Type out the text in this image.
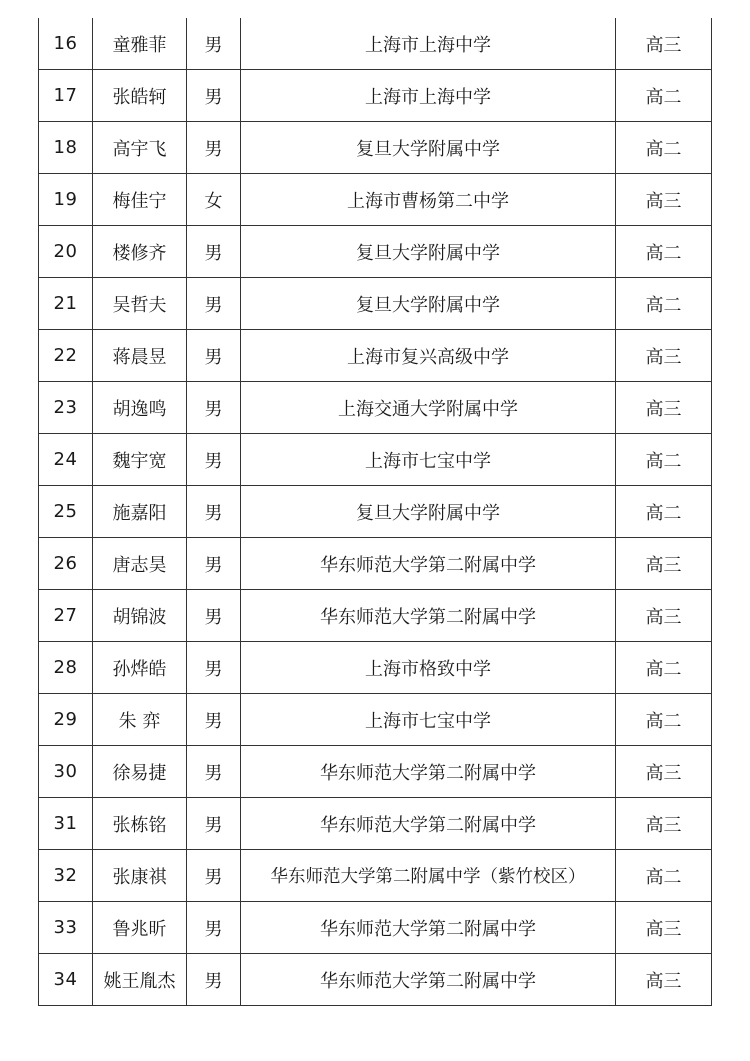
16	童雅菲	男	上海市上海中学	高三
17	张皓轲	男	上海市上海中学	高二
18	高宇飞	男	复旦大学附属中学	高二
19	梅佳宁	女	上海市曹杨第二中学	高三
20	楼修齐	男	复旦大学附属中学	高二
21	吴哲夫	男	复旦大学附属中学	高二
22	蒋晨昱	男	上海市复兴高级中学	高三
23	胡逸鸣	男	上海交通大学附属中学	高三
24	魏宇宽	男	上海市七宝中学	高二
25	施嘉阳	男	复旦大学附属中学	高二
26	唐志昊	男	华东师范大学第二附属中学	高三
27	胡锦波	男	华东师范大学第二附属中学	高三
28	孙烨皓	男	上海市格致中学	高二
29	朱 弈	男	上海市七宝中学	高二
30	徐易捷	男	华东师范大学第二附属中学	高三
31	张栋铭	男	华东师范大学第二附属中学	高三
32	张康祺	男	华东师范大学第二附属中学（紫竹校区）	高二
33	鲁兆昕	男	华东师范大学第二附属中学	高三
34	姚王胤杰	男	华东师范大学第二附属中学	高三
